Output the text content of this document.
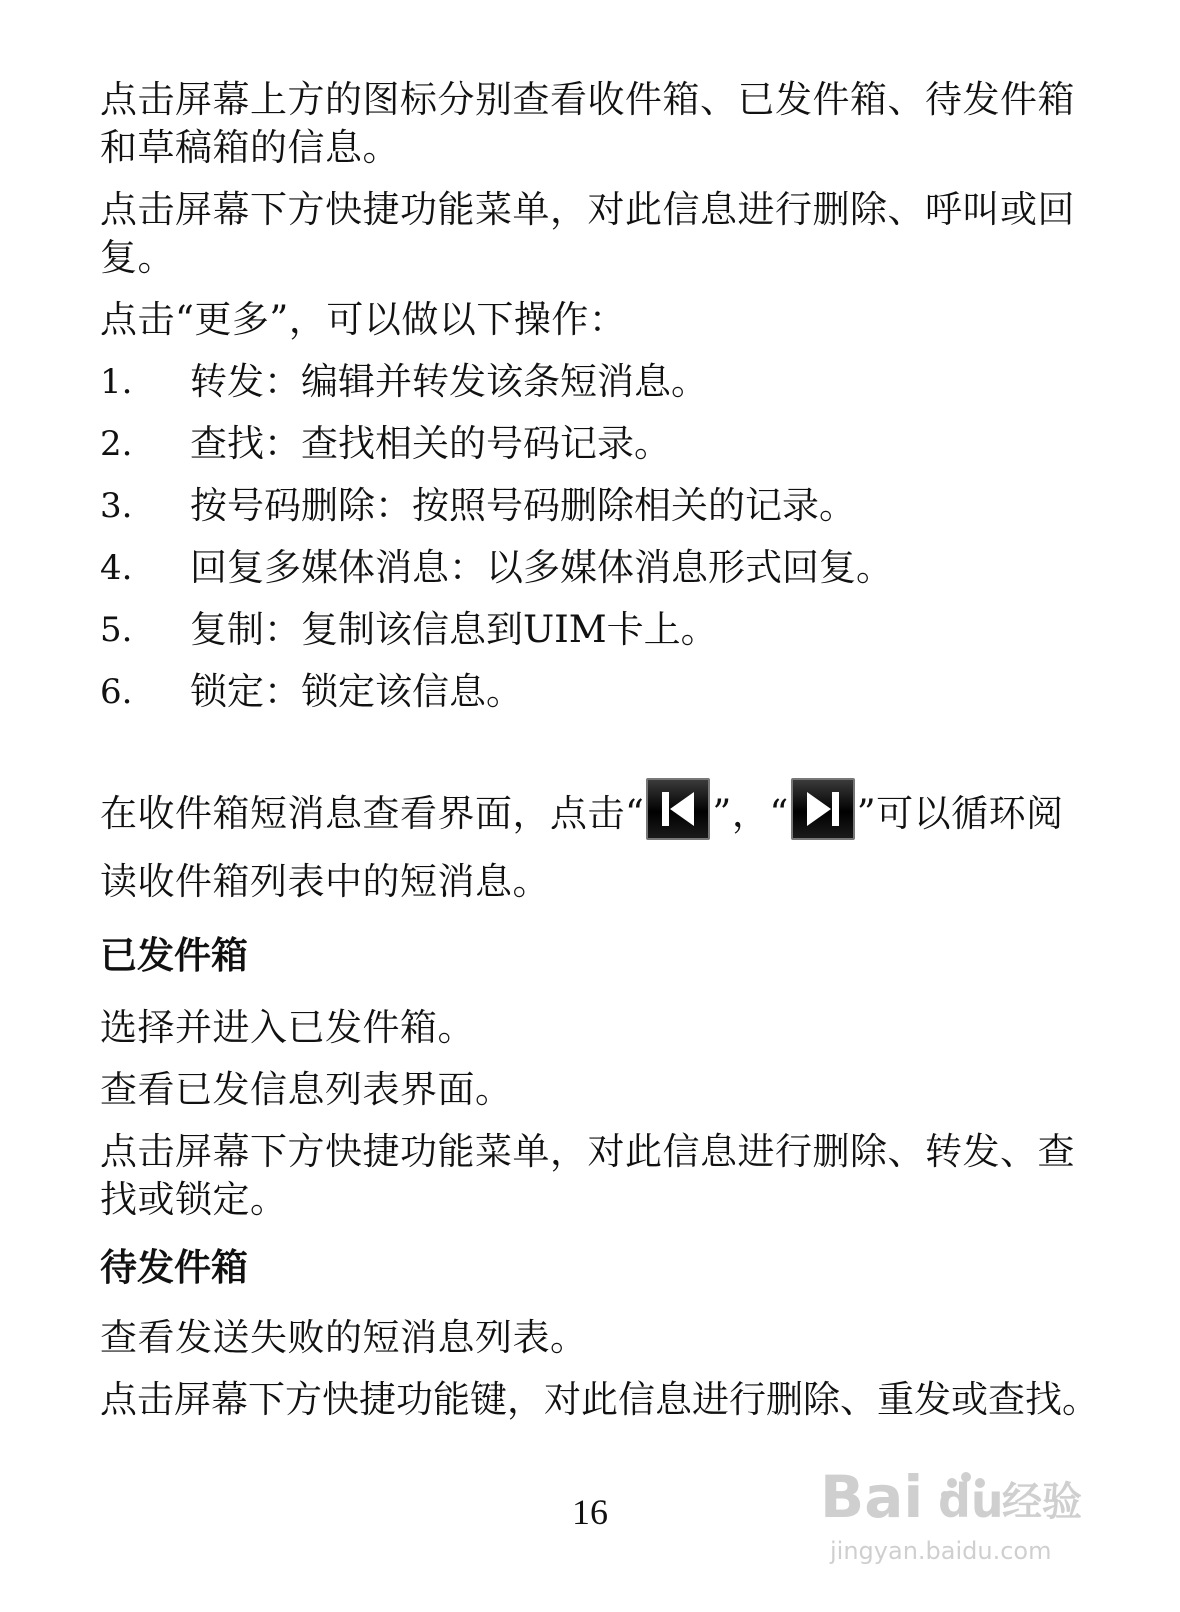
点击屏幕上方的图标分别查看收件箱、已发件箱、待发件箱
和草稿箱的信息。
点击屏幕下方快捷功能菜单，对此信息进行删除、呼叫或回
复。
点击“更多”，可以做以下操作：
1. 转发：编辑并转发该条短消息。
2. 查找：查找相关的号码记录。
3. 按号码删除：按照号码删除相关的记录。
4. 回复多媒体消息：以多媒体消息形式回复。
5. 复制：复制该信息到UIM卡上。
6. 锁定：锁定该信息。
在收件箱短消息查看界面，点击“ ”，“ ”可以循环阅
读收件箱列表中的短消息。
已发件箱
选择并进入已发件箱。
查看已发信息列表界面。
点击屏幕下方快捷功能菜单，对此信息进行删除、转发、查
找或锁定。
待发件箱
查看发送失败的短消息列表。
点击屏幕下方快捷功能键，对此信息进行删除、重发或查找。
16	Bai du
经验
jingyan.baidu.com
